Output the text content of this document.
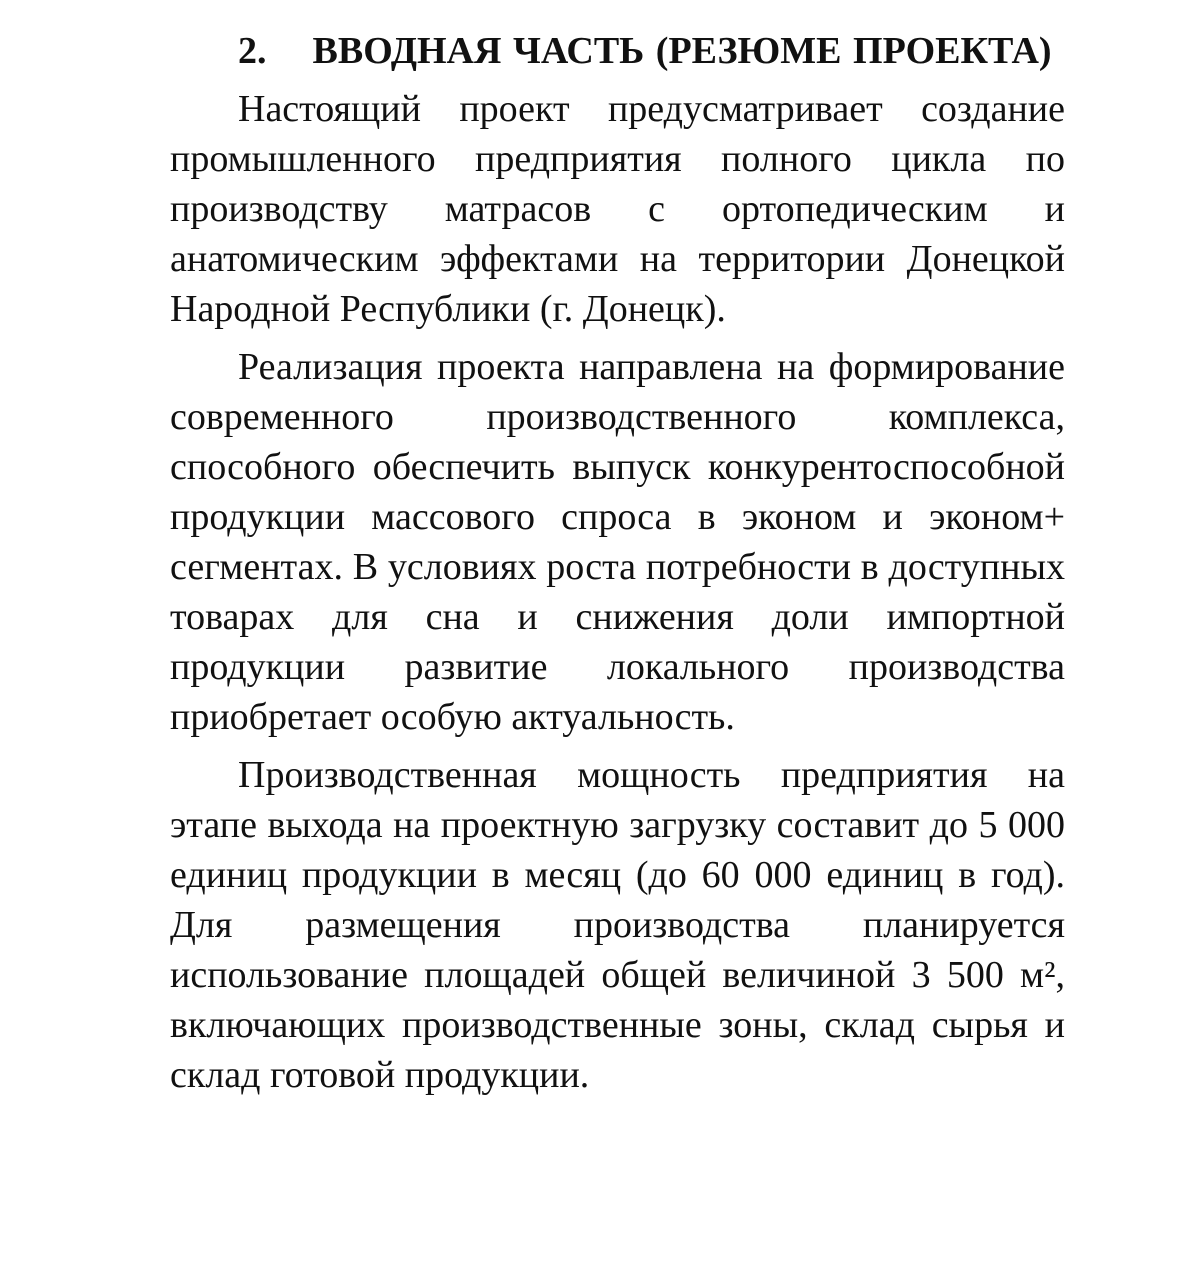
2.    ВВОДНАЯ ЧАСТЬ (РЕЗЮМЕ ПРОЕКТА)

Настоящий проект предусматривает создание промышленного предприятия полного цикла по производству матрасов с ортопедическим и анатомическим эффектами на территории Донецкой Народной Республики (г. Донецк).

Реализация проекта направлена на формирование современного производственного комплекса, способного обеспечить выпуск конкурентоспособной продукции массового спроса в эконом и эконом+ сегментах. В условиях роста потребности в доступных товарах для сна и снижения доли импортной продукции развитие локального производства приобретает особую актуальность.

Производственная мощность предприятия на этапе выхода на проектную загрузку составит до 5 000 единиц продукции в месяц (до 60 000 единиц в год). Для размещения производства планируется использование площадей общей величиной 3 500 м², включающих производственные зоны, склад сырья и склад готовой продукции.
